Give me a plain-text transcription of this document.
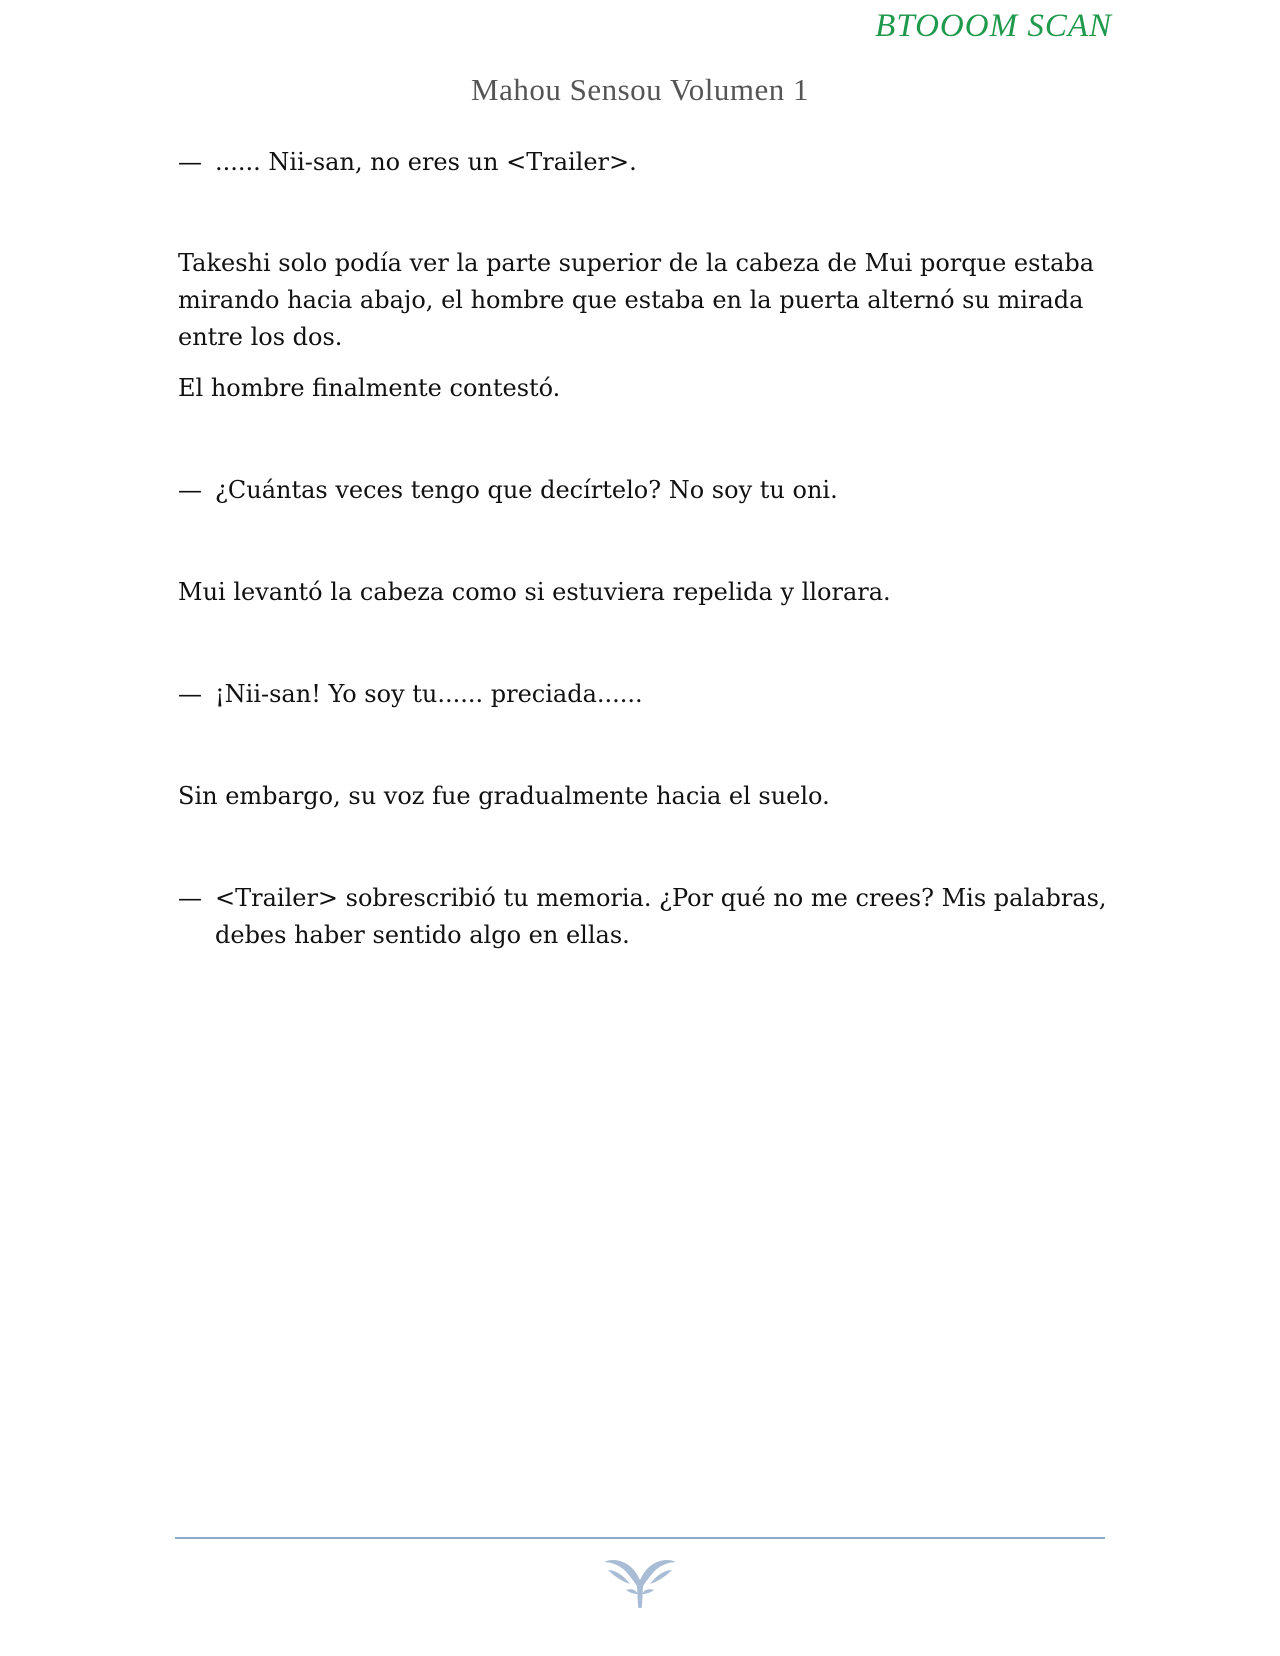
BTOOOM SCAN
Mahou Sensou Volumen 1

— ...... Nii-san, no eres un <Trailer>.

Takeshi solo podía ver la parte superior de la cabeza de Mui porque estaba mirando hacia abajo, el hombre que estaba en la puerta alternó su mirada entre los dos.

El hombre finalmente contestó.

— ¿Cuántas veces tengo que decírtelo? No soy tu oni.

Mui levantó la cabeza como si estuviera repelida y llorara.

— ¡Nii-san! Yo soy tu...... preciada......

Sin embargo, su voz fue gradualmente hacia el suelo.

— <Trailer> sobrescribió tu memoria. ¿Por qué no me crees? Mis palabras, debes haber sentido algo en ellas.
